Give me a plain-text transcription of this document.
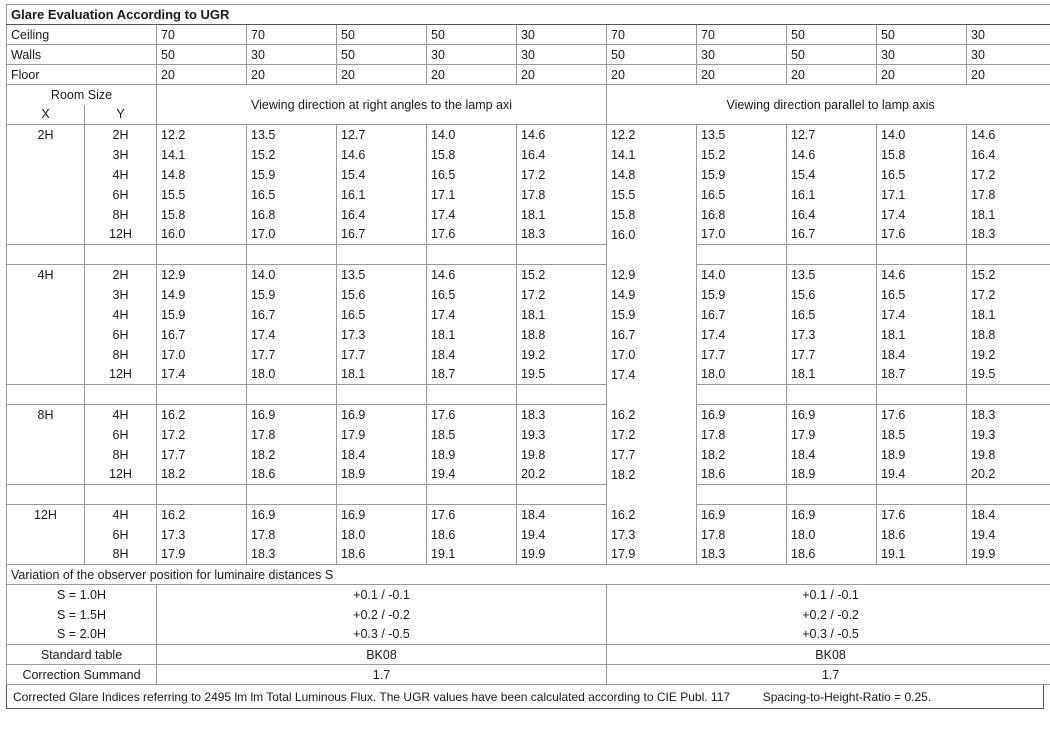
Glare Evaluation According to UGR											
Ceiling		70	70	50	50	30	70	70	50	50	30
Walls		50	30	50	30	30	50	30	50	30	30
Floor		20	20	20	20	20	20	20	20	20	20
Room Size		Viewing direction at right angles to the lamp axi					Viewing direction parallel to lamp axis				
X	Y										
2H	2H	12.2	13.5	12.7	14.0	14.6	12.2	13.5	12.7	14.0	14.6
	3H	14.1	15.2	14.6	15.8	16.4	14.1	15.2	14.6	15.8	16.4
	4H	14.8	15.9	15.4	16.5	17.2	14.8	15.9	15.4	16.5	17.2
	6H	15.5	16.5	16.1	17.1	17.8	15.5	16.5	16.1	17.1	17.8
	8H	15.8	16.8	16.4	17.4	18.1	15.8	16.8	16.4	17.4	18.1
	12H	16.0	17.0	16.7	17.6	18.3	16.0	17.0	16.7	17.6	18.3

4H	2H	12.9	14.0	13.5	14.6	15.2	12.9	14.0	13.5	14.6	15.2
	3H	14.9	15.9	15.6	16.5	17.2	14.9	15.9	15.6	16.5	17.2
	4H	15.9	16.7	16.5	17.4	18.1	15.9	16.7	16.5	17.4	18.1
	6H	16.7	17.4	17.3	18.1	18.8	16.7	17.4	17.3	18.1	18.8
	8H	17.0	17.7	17.7	18.4	19.2	17.0	17.7	17.7	18.4	19.2
	12H	17.4	18.0	18.1	18.7	19.5	17.4	18.0	18.1	18.7	19.5

8H	4H	16.2	16.9	16.9	17.6	18.3	16.2	16.9	16.9	17.6	18.3
	6H	17.2	17.8	17.9	18.5	19.3	17.2	17.8	17.9	18.5	19.3
	8H	17.7	18.2	18.4	18.9	19.8	17.7	18.2	18.4	18.9	19.8
	12H	18.2	18.6	18.9	19.4	20.2	18.2	18.6	18.9	19.4	20.2

12H	4H	16.2	16.9	16.9	17.6	18.4	16.2	16.9	16.9	17.6	18.4
	6H	17.3	17.8	18.0	18.6	19.4	17.3	17.8	18.0	18.6	19.4
	8H	17.9	18.3	18.6	19.1	19.9	17.9	18.3	18.6	19.1	19.9
Variation of the observer position for luminaire distances S											
S = 1.0H		+0.1 / -0.1					+0.1 / -0.1				
S = 1.5H		+0.2 / -0.2					+0.2 / -0.2				
S = 2.0H		+0.3 / -0.5					+0.3 / -0.5				
Standard table		BK08					BK08				
Correction Summand		1.7					1.7				
Corrected Glare Indices referring to 2495 lm lm Total Luminous Flux. The UGR values have been calculated according to CIE Publ. 117	Spacing-to-Height-Ratio = 0.25.
